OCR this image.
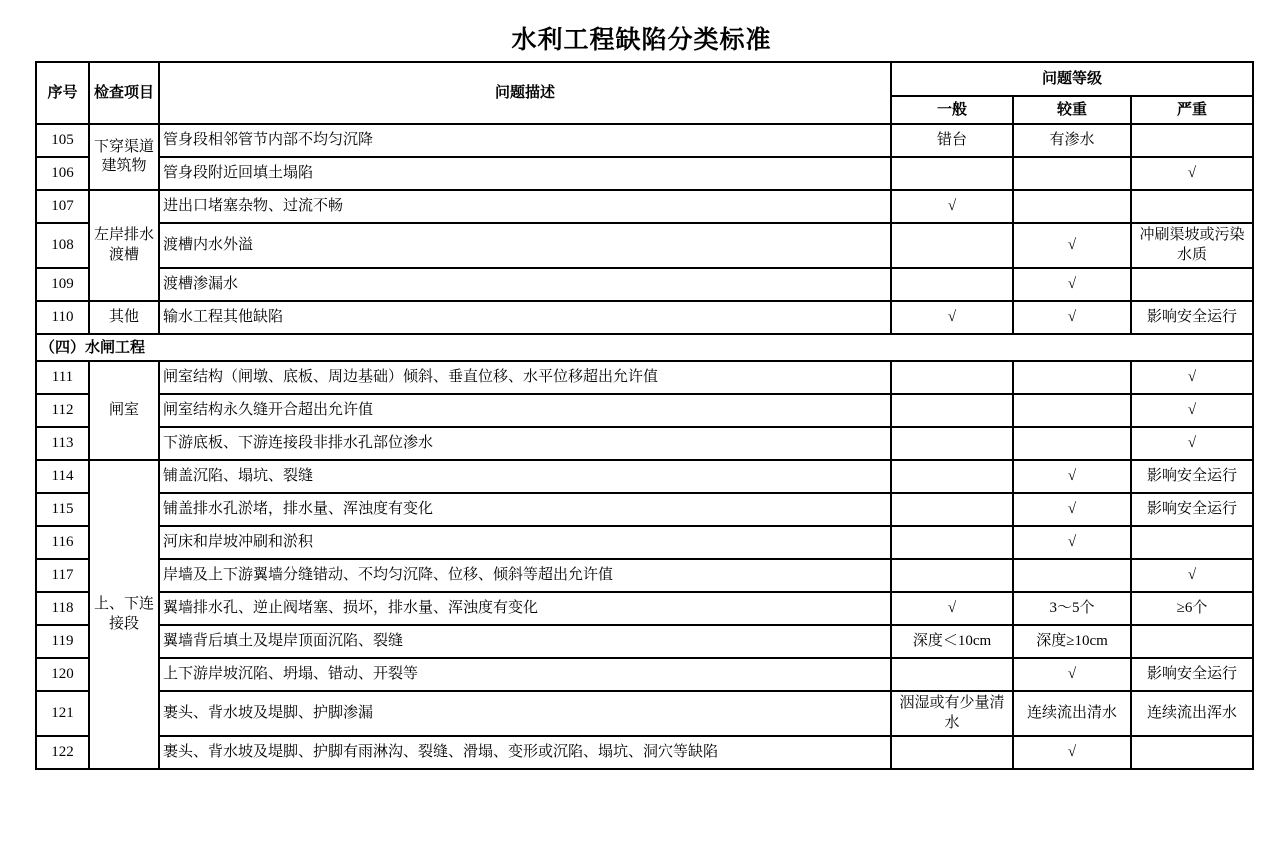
水利工程缺陷分类标准
序号	检查项目	问题描述	问题等级		
			一般	较重	严重
105	下穿渠道建筑物	管身段相邻管节内部不均匀沉降	错台	有渗水	
106		管身段附近回填土塌陷			√
107	左岸排水渡槽	进出口堵塞杂物、过流不畅	√		
108		渡槽内水外溢		√	冲刷渠坡或污染水质
109		渡槽渗漏水		√	
110	其他	输水工程其他缺陷	√	√	影响安全运行
（四）水闸工程					
111	闸室	闸室结构（闸墩、底板、周边基础）倾斜、垂直位移、水平位移超出允许值			√
112		闸室结构永久缝开合超出允许值			√
113		下游底板、下游连接段非排水孔部位渗水			√
114	上、下连接段	铺盖沉陷、塌坑、裂缝		√	影响安全运行
115		铺盖排水孔淤堵，排水量、浑浊度有变化		√	影响安全运行
116		河床和岸坡冲刷和淤积		√	
117		岸墙及上下游翼墙分缝错动、不均匀沉降、位移、倾斜等超出允许值			√
118		翼墙排水孔、逆止阀堵塞、损坏，排水量、浑浊度有变化	√	3～5个	≥6个
119		翼墙背后填土及堤岸顶面沉陷、裂缝	深度＜10cm	深度≥10cm	
120		上下游岸坡沉陷、坍塌、错动、开裂等		√	影响安全运行
121		裹头、背水坡及堤脚、护脚渗漏	洇湿或有少量清水	连续流出清水	连续流出浑水
122		裹头、背水坡及堤脚、护脚有雨淋沟、裂缝、滑塌、变形或沉陷、塌坑、洞穴等缺陷		√	
